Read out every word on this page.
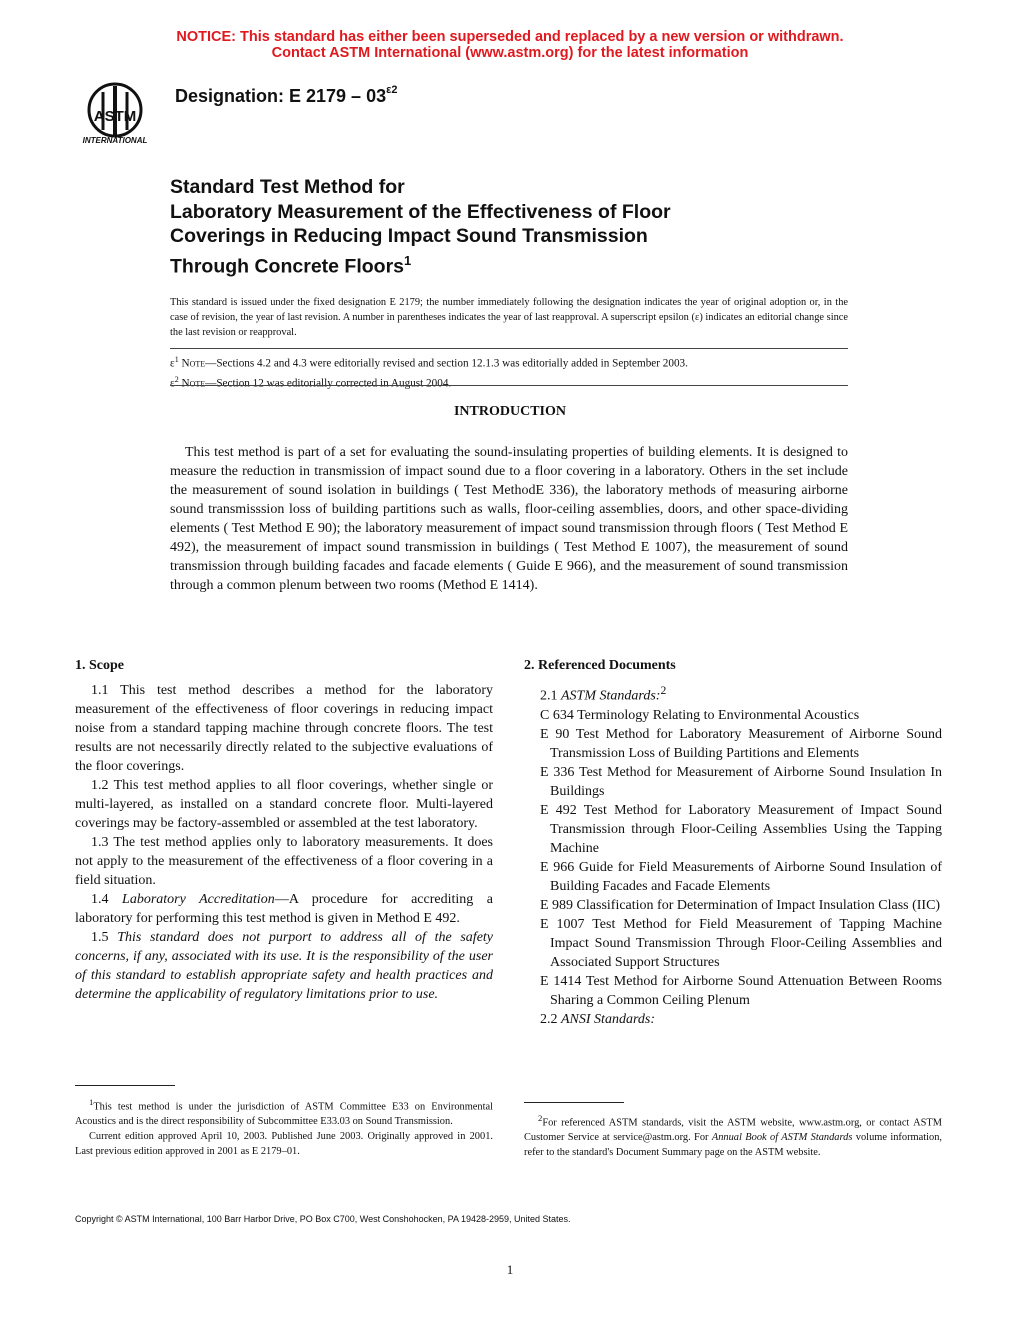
NOTICE: This standard has either been superseded and replaced by a new version or withdrawn.
Contact ASTM International (www.astm.org) for the latest information
ASTM
INTERNATIONAL
Designation: E $2179 - 03^{\varepsilon 2}$
Standard Test Method for
Laboratory Measurement of the Effectiveness of Floor
Coverings in Reducing Impact Sound Transmission
Through Concrete Floors$^1$
This standard is issued under the fixed designation E 2179; the number immediately following the designation indicates the year of original adoption or, in the case of revision, the year of last revision. A number in parentheses indicates the year of last reapproval. A superscript epsilon (ε) indicates an editorial change since the last revision or reapproval.
$\varepsilon^1$ Note—Sections 4.2 and 4.3 were editorially revised and section 12.1.3 was editorially added in September 2003.
$\varepsilon^2$ Note—Section 12 was editorially corrected in August 2004.
INTRODUCTION

This test method is part of a set for evaluating the sound-insulating properties of building elements. It is designed to measure the reduction in transmission of impact sound due to a floor covering in a laboratory. Others in the set include the measurement of sound isolation in buildings ( Test MethodE 336), the laboratory methods of measuring airborne sound transmisssion loss of building partitions such as walls, floor-ceiling assemblies, doors, and other space-dividing elements ( Test Method E 90); the laboratory measurement of impact sound transmission through floors ( Test Method E 492), the measurement of impact sound transmission in buildings ( Test Method E 1007), the measurement of sound transmission through building facades and facade elements ( Guide E 966), and the measurement of sound transmission through a common plenum between two rooms (Method E 1414).

1. Scope

1.1 This test method describes a method for the laboratory measurement of the effectiveness of floor coverings in reducing impact noise from a standard tapping machine through concrete floors. The test results are not necessarily directly related to the subjective evaluations of the floor coverings.

1.2 This test method applies to all floor coverings, whether single or multi-layered, as installed on a standard concrete floor. Multi-layered coverings may be factory-assembled or assembled at the test laboratory.

1.3 The test method applies only to laboratory measurements. It does not apply to the measurement of the effectiveness of a floor covering in a field situation.

1.4 Laboratory Accreditation—A procedure for accrediting a laboratory for performing this test method is given in Method E 492.

1.5 This standard does not purport to address all of the safety concerns, if any, associated with its use. It is the responsibility of the user of this standard to establish appropriate safety and health practices and determine the applicability of regulatory limitations prior to use.

2. Referenced Documents

2.1 ASTM Standards:$^2$

C 634 Terminology Relating to Environmental Acoustics

E 90 Test Method for Laboratory Measurement of Airborne Sound Transmission Loss of Building Partitions and Elements

E 336 Test Method for Measurement of Airborne Sound Insulation In Buildings

E 492 Test Method for Laboratory Measurement of Impact Sound Transmission through Floor-Ceiling Assemblies Using the Tapping Machine

E 966 Guide for Field Measurements of Airborne Sound Insulation of Building Facades and Facade Elements

E 989 Classification for Determination of Impact Insulation Class (IIC)

E 1007 Test Method for Field Measurement of Tapping Machine Impact Sound Transmission Through Floor-Ceiling Assemblies and Associated Support Structures

E 1414 Test Method for Airborne Sound Attenuation Between Rooms Sharing a Common Ceiling Plenum

2.2 ANSI Standards:

$^1$This test method is under the jurisdiction of ASTM Committee E33 on Environmental Acoustics and is the direct responsibility of Subcommittee E33.03 on Sound Transmission.

Current edition approved April 10, 2003. Published June 2003. Originally approved in 2001. Last previous edition approved in 2001 as E 2179–01.

$^2$For referenced ASTM standards, visit the ASTM website, www.astm.org, or contact ASTM Customer Service at service@astm.org. For Annual Book of ASTM Standards volume information, refer to the standard's Document Summary page on the ASTM website.

Copyright © ASTM International, 100 Barr Harbor Drive, PO Box C700, West Conshohocken, PA 19428-2959, United States.
1
